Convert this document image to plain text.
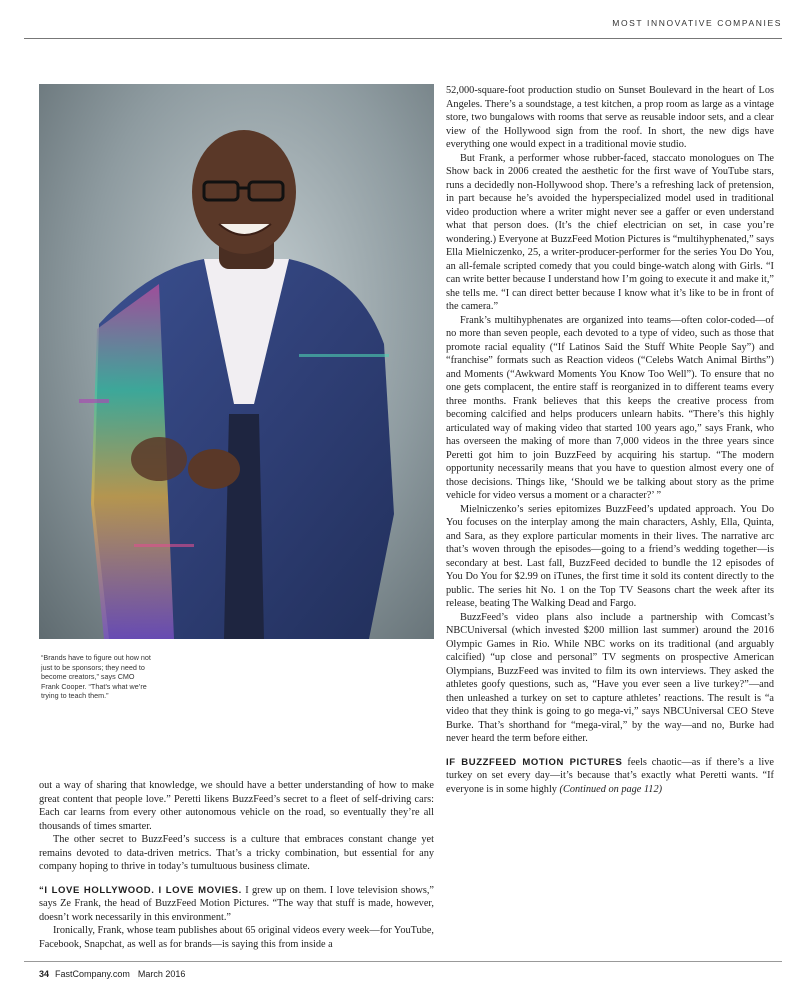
MOST INNOVATIVE COMPANIES
“Brands have to figure out how not just to be sponsors; they need to become creators,” says CMO Frank Cooper. “That’s what we’re trying to teach them.”

52,000-square-foot production studio on Sunset Boulevard in the heart of Los Angeles. There’s a soundstage, a test kitchen, a prop room as large as a vintage store, two bungalows with rooms that serve as reusable indoor sets, and a clear view of the Hollywood sign from the roof. In short, the new digs have everything one would expect in a traditional movie studio.

But Frank, a performer whose rubber-faced, staccato monologues on The Show back in 2006 created the aesthetic for the first wave of YouTube stars, runs a decidedly non-Hollywood shop. There’s a refreshing lack of pretension, in part because he’s avoided the hyperspecialized model used in traditional video production where a writer might never see a gaffer or even understand what that person does. (It’s the chief electrician on set, in case you’re wondering.) Everyone at BuzzFeed Motion Pictures is “multihyphenated,” says Ella Mielniczenko, 25, a writer-producer-performer for the series You Do You, an all-female scripted comedy that you could binge-watch along with Girls. “I can write better because I understand how I’m going to execute it and make it,” she tells me. “I can direct better because I know what it’s like to be in front of the camera.”

Frank’s multihyphenates are organized into teams—often color-coded—of no more than seven people, each devoted to a type of video, such as those that promote racial equality (“If Latinos Said the Stuff White People Say”) and “franchise” formats such as Reaction videos (“Celebs Watch Animal Births”) and Moments (“Awkward Moments You Know Too Well”). To ensure that no one gets complacent, the entire staff is reorganized in to different teams every three months. Frank believes that this keeps the creative process from becoming calcified and helps producers unlearn habits. “There’s this highly articulated way of making video that started 100 years ago,” says Frank, who has overseen the making of more than 7,000 videos in the three years since Peretti got him to join BuzzFeed by acquiring his startup. “The modern opportunity necessarily means that you have to question almost every one of those decisions. Things like, ‘Should we be talking about story as the prime vehicle for video versus a moment or a character?’ ”

Mielniczenko’s series epitomizes BuzzFeed’s updated approach. You Do You focuses on the interplay among the main characters, Ashly, Ella, Quinta, and Sara, as they explore particular moments in their lives. The narrative arc that’s woven through the episodes—going to a friend’s wedding together—is secondary at best. Last fall, BuzzFeed decided to bundle the 12 episodes of You Do You for $2.99 on iTunes, the first time it sold its content directly to the public. The series hit No. 1 on the Top TV Seasons chart the week after its release, beating The Walking Dead and Fargo.

BuzzFeed’s video plans also include a partnership with Comcast’s NBCUniversal (which invested $200 million last summer) around the 2016 Olympic Games in Rio. While NBC works on its traditional (and arguably calcified) “up close and personal” TV segments on prospective American Olympians, BuzzFeed was invited to film its own interviews. They asked the athletes goofy questions, such as, “Have you ever seen a live turkey?”—and then unleashed a turkey on set to capture athletes’ reactions. The result is “a video that they think is going to go mega-vi,” says NBCUniversal CEO Steve Burke. That’s shorthand for “mega-viral,” by the way—and no, Burke had never heard the term before either.

IF BUZZFEED MOTION PICTURES feels chaotic—as if there’s a live turkey on set every day—it’s because that’s exactly what Peretti wants. “If everyone is in some highly (Continued on page 112)

out a way of sharing that knowledge, we should have a better understanding of how to make great content that people love.” Peretti likens BuzzFeed’s secret to a fleet of self-driving cars: Each car learns from every other autonomous vehicle on the road, so eventually they’re all thousands of times smarter.

The other secret to BuzzFeed’s success is a culture that embraces constant change yet remains devoted to data-driven metrics. That’s a tricky combination, but essential for any company hoping to thrive in today’s tumultuous business climate.

“I LOVE HOLLYWOOD. I LOVE MOVIES. I grew up on them. I love television shows,” says Ze Frank, the head of BuzzFeed Motion Pictures. “The way that stuff is made, however, doesn’t work necessarily in this environment.”

Ironically, Frank, whose team publishes about 65 original videos every week—for YouTube, Facebook, Snapchat, as well as for brands—is saying this from inside a

34 FastCompany.com March 2016
